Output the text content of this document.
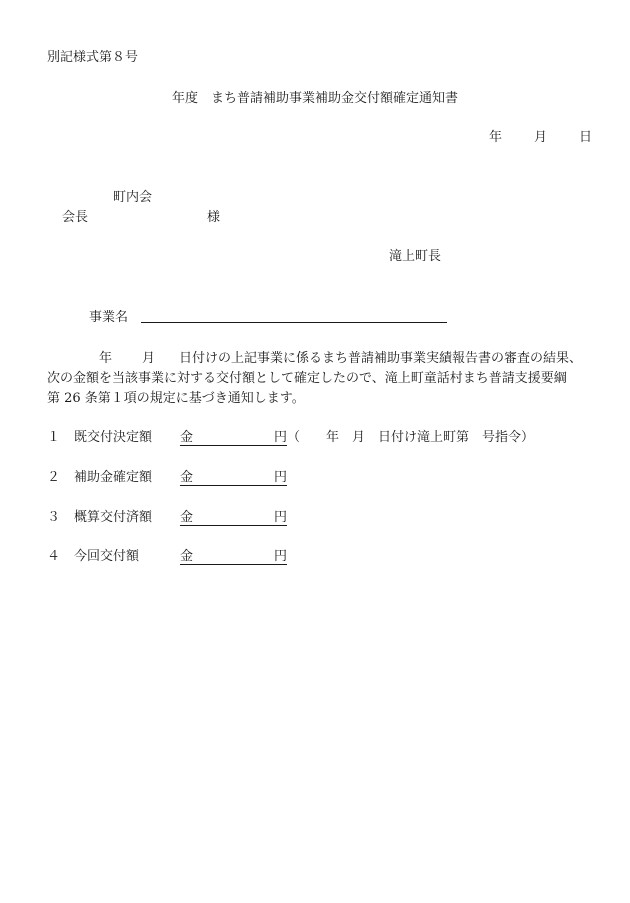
別記様式第８号
年度　まち普請補助事業補助金交付額確定通知書
年 月 日
町内会
会長	様
滝上町長
事業名
年 月 日付けの上記事業に係るまち普請補助事業実績報告書の審査の結果、
次の金額を当該事業に対する交付額として確定したので、滝上町童話村まち普請支援要綱
第 26 条第１項の規定に基づき通知します。
１ 既交付決定額 金	円 （　　年　月　日付け滝上町第　号指令）
２ 補助金確定額 金	円
３ 概算交付済額 金	円
４ 今回交付額	金	円
